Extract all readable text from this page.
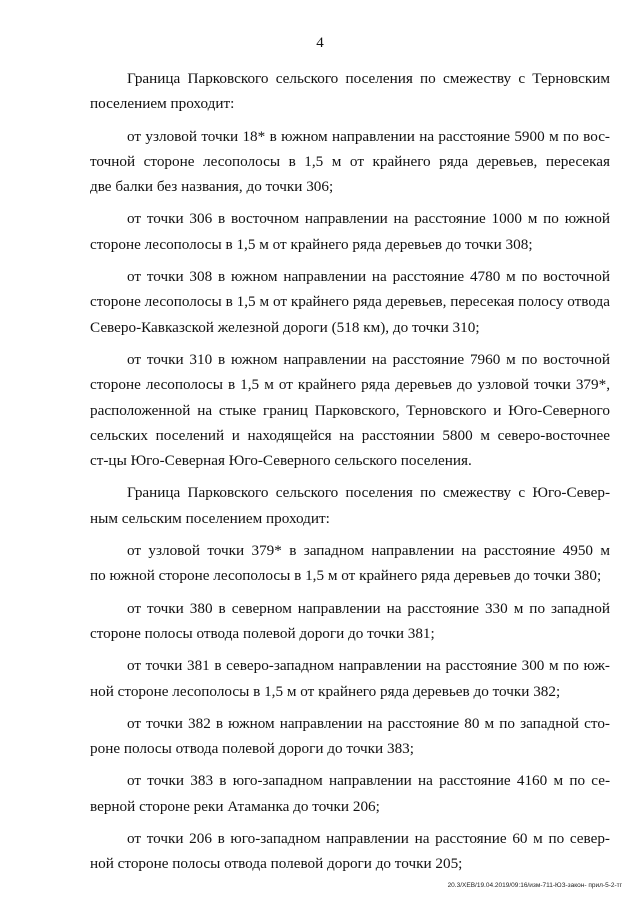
4
Граница Парковского сельского поселения по смежеству с Терновским
поселением проходит:
от узловой точки 18* в южном направлении на расстояние 5900 м по вос-
точной стороне лесополосы в 1,5 м от крайнего ряда деревьев, пересекая
две балки без названия, до точки 306;
от точки 306 в восточном направлении на расстояние 1000 м по южной
стороне лесополосы в 1,5 м от крайнего ряда деревьев до точки 308;
от точки 308 в южном направлении на расстояние 4780 м по восточной
стороне лесополосы в 1,5 м от крайнего ряда деревьев, пересекая полосу отвода
Северо-Кавказской железной дороги (518 км), до точки 310;
от точки 310 в южном направлении на расстояние 7960 м по восточной
стороне лесополосы в 1,5 м от крайнего ряда деревьев до узловой точки 379*,
расположенной на стыке границ Парковского, Терновского и Юго-Северного
сельских поселений и находящейся на расстоянии 5800 м северо-восточнее
ст-цы Юго-Северная Юго-Северного сельского поселения.
Граница Парковского сельского поселения по смежеству с Юго-Север-
ным сельским поселением проходит:
от узловой точки 379* в западном направлении на расстояние 4950 м
по южной стороне лесополосы в 1,5 м от крайнего ряда деревьев до точки 380;
от точки 380 в северном направлении на расстояние 330 м по западной
стороне полосы отвода полевой дороги до точки 381;
от точки 381 в северо-западном направлении на расстояние 300 м по юж-
ной стороне лесополосы в 1,5 м от крайнего ряда деревьев до точки 382;
от точки 382 в южном направлении на расстояние 80 м по западной сто-
роне полосы отвода полевой дороги до точки 383;
от точки 383 в юго-западном направлении на расстояние 4160 м по се-
верной стороне реки Атаманка до точки 206;
от точки 206 в юго-западном направлении на расстояние 60 м по север-
ной стороне полосы отвода полевой дороги до точки 205;
20.3/XEB/19.04.2019/09:16/изм-711-ЮЗ-закон- прил-5-2-тг
